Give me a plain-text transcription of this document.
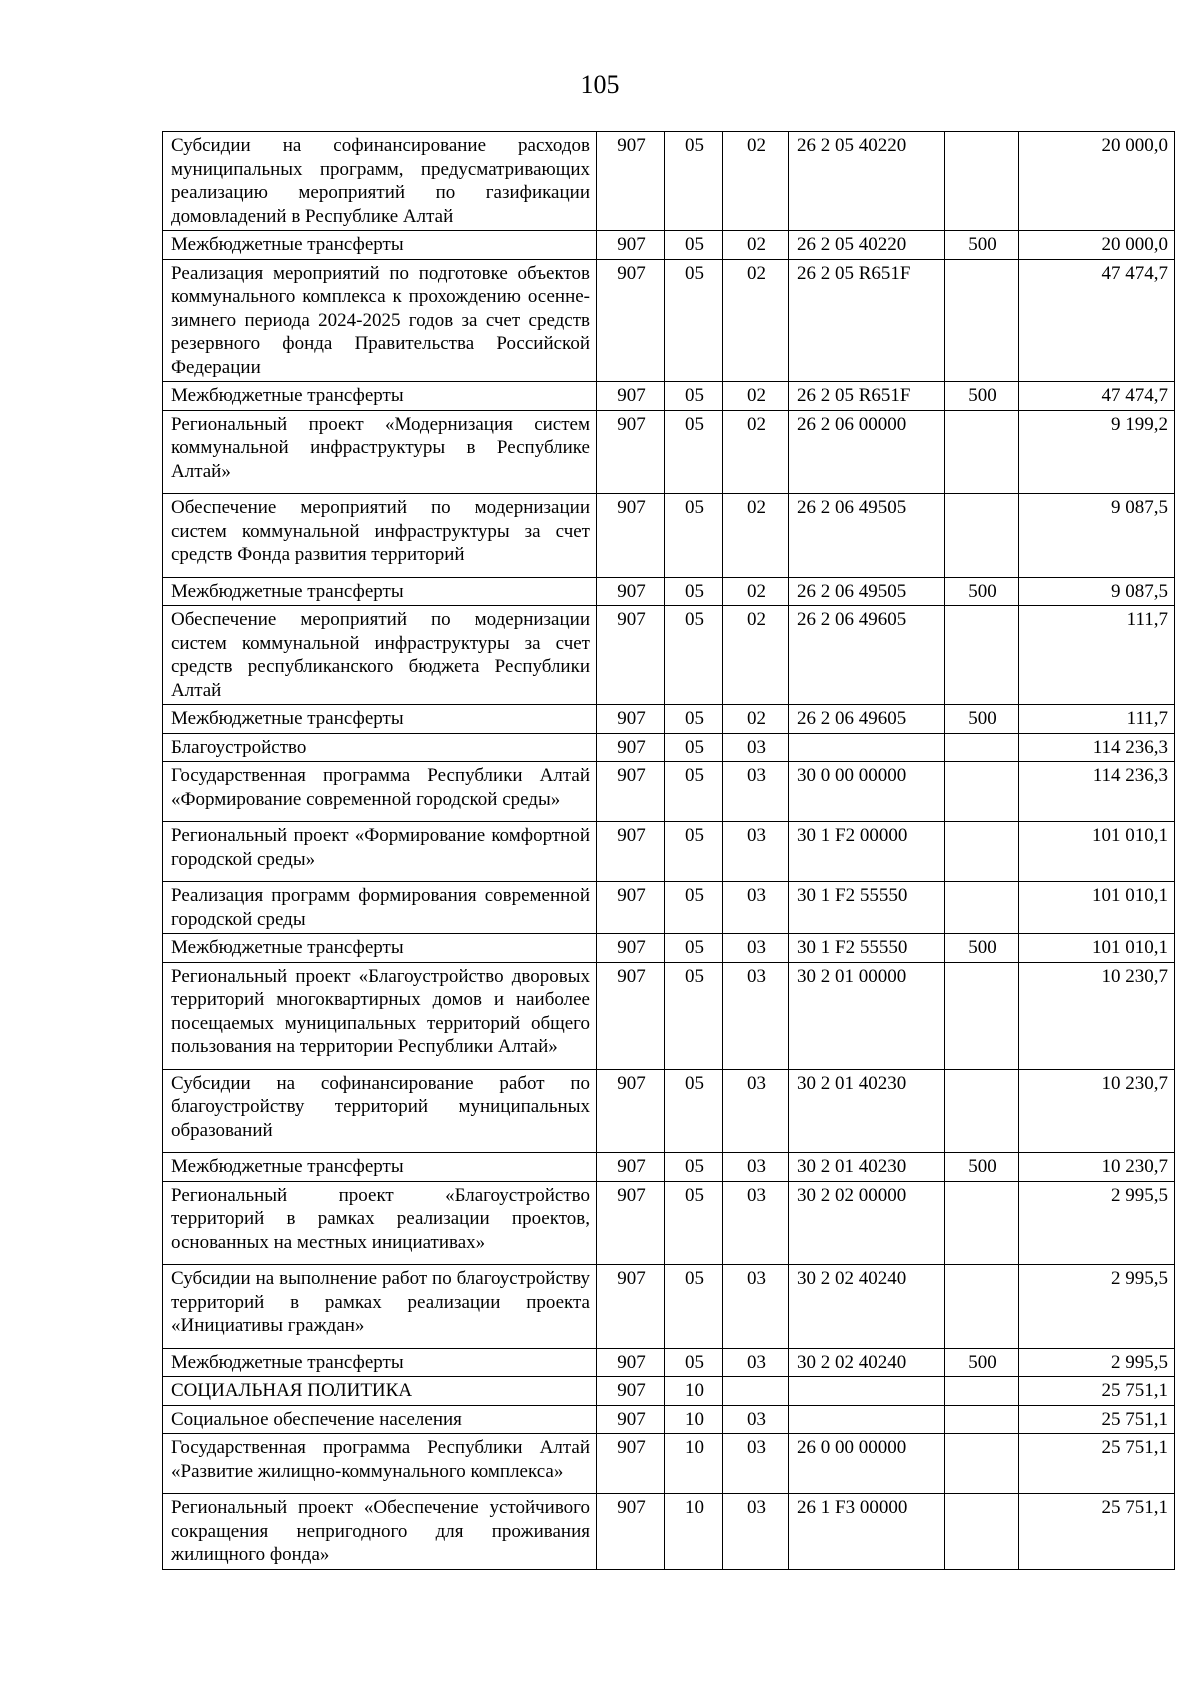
105
Субсидии на софинансирование расходов муниципальных программ, предусматривающих реализацию мероприятий по газификации домовладений в Республике Алтай	907	05	02	26 2 05 40220		20 000,0
Межбюджетные трансферты	907	05	02	26 2 05 40220	500	20 000,0
Реализация мероприятий по подготовке объектов коммунального комплекса к прохождению осенне-зимнего периода 2024-2025 годов за счет средств резервного фонда Правительства Российской Федерации	907	05	02	26 2 05 R651F		47 474,7
Межбюджетные трансферты	907	05	02	26 2 05 R651F	500	47 474,7
Региональный проект «Модернизация систем коммунальной инфраструктуры в Республике Алтай»	907	05	02	26 2 06 00000		9 199,2
Обеспечение мероприятий по модернизации систем коммунальной инфраструктуры за счет средств Фонда развития территорий	907	05	02	26 2 06 49505		9 087,5
Межбюджетные трансферты	907	05	02	26 2 06 49505	500	9 087,5
Обеспечение мероприятий по модернизации систем коммунальной инфраструктуры за счет средств республиканского бюджета Республики Алтай	907	05	02	26 2 06 49605		111,7
Межбюджетные трансферты	907	05	02	26 2 06 49605	500	111,7
Благоустройство	907	05	03			114 236,3
Государственная программа Республики Алтай «Формирование современной городской среды»	907	05	03	30 0 00 00000		114 236,3
Региональный проект «Формирование комфортной городской среды»	907	05	03	30 1 F2 00000		101 010,1
Реализация программ формирования современной городской среды	907	05	03	30 1 F2 55550		101 010,1
Межбюджетные трансферты	907	05	03	30 1 F2 55550	500	101 010,1
Региональный проект «Благоустройство дворовых территорий многоквартирных домов и наиболее посещаемых муниципальных территорий общего пользования на территории Республики Алтай»	907	05	03	30 2 01 00000		10 230,7
Субсидии на софинансирование работ по благоустройству территорий муниципальных образований	907	05	03	30 2 01 40230		10 230,7
Межбюджетные трансферты	907	05	03	30 2 01 40230	500	10 230,7
Региональный проект «Благоустройство территорий в рамках реализации проектов, основанных на местных инициативах»	907	05	03	30 2 02 00000		2 995,5
Субсидии на выполнение работ по благоустройству территорий в рамках реализации проекта «Инициативы граждан»	907	05	03	30 2 02 40240		2 995,5
Межбюджетные трансферты	907	05	03	30 2 02 40240	500	2 995,5
СОЦИАЛЬНАЯ ПОЛИТИКА	907	10				25 751,1
Социальное обеспечение населения	907	10	03			25 751,1
Государственная программа Республики Алтай «Развитие жилищно-коммунального комплекса»	907	10	03	26 0 00 00000		25 751,1
Региональный проект «Обеспечение устойчивого сокращения непригодного для проживания жилищного фонда»	907	10	03	26 1 F3 00000		25 751,1
